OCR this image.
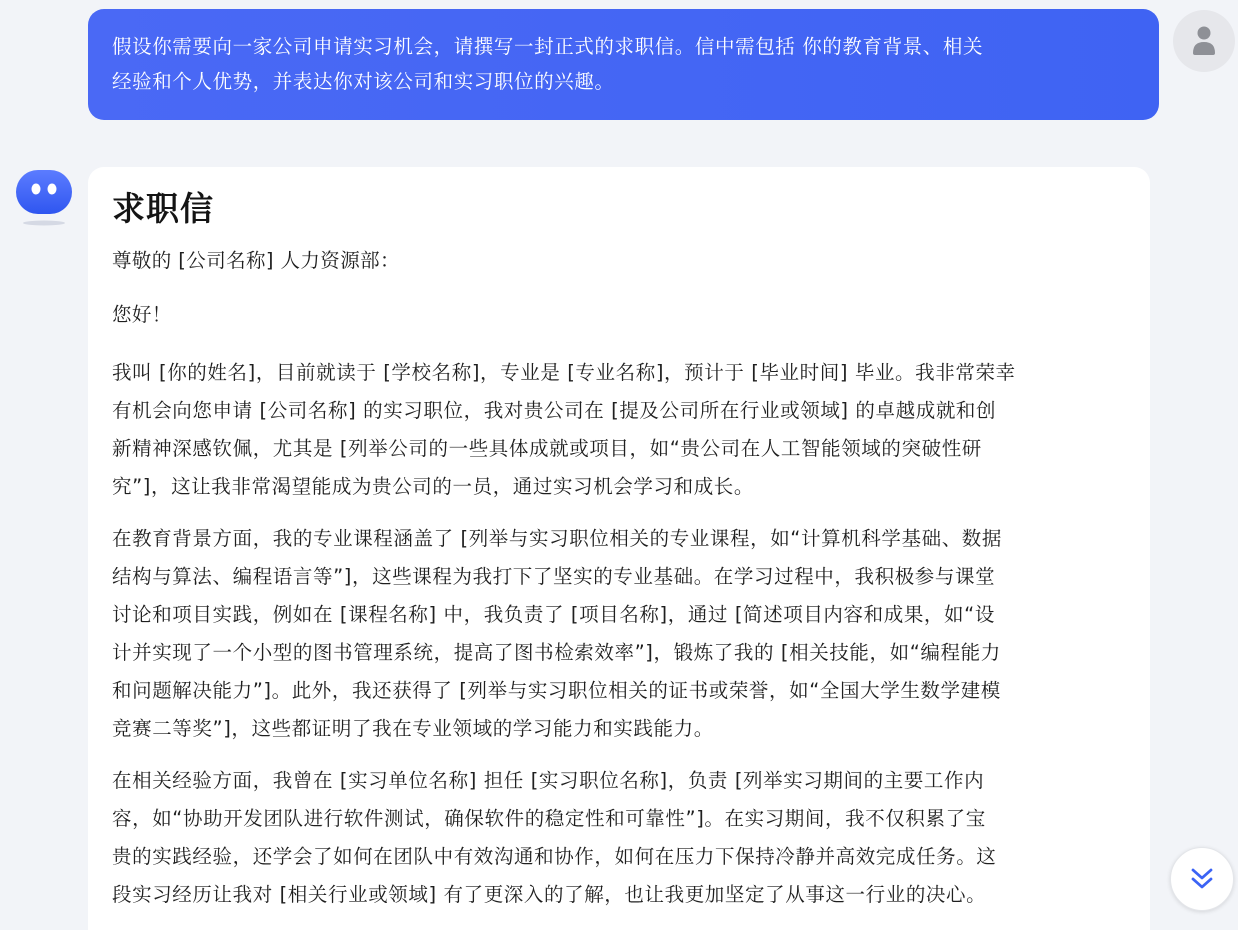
假设你需要向一家公司申请实习机会，请撰写一封正式的求职信。信中需包括 你的教育背景、相关
经验和个人优势，并表达你对该公司和实习职位的兴趣。
求职信

尊敬的 [公司名称] 人力资源部：

您好！

我叫 [你的姓名]，目前就读于 [学校名称]，专业是 [专业名称]，预计于 [毕业时间] 毕业。我非常荣幸
有机会向您申请 [公司名称] 的实习职位，我对贵公司在 [提及公司所在行业或领域] 的卓越成就和创
新精神深感钦佩，尤其是 [列举公司的一些具体成就或项目，如“贵公司在人工智能领域的突破性研
究”]，这让我非常渴望能成为贵公司的一员，通过实习机会学习和成长。
在教育背景方面，我的专业课程涵盖了 [列举与实习职位相关的专业课程，如“计算机科学基础、数据
结构与算法、编程语言等”]，这些课程为我打下了坚实的专业基础。在学习过程中，我积极参与课堂
讨论和项目实践，例如在 [课程名称] 中，我负责了 [项目名称]，通过 [简述项目内容和成果，如“设
计并实现了一个小型的图书管理系统，提高了图书检索效率”]，锻炼了我的 [相关技能，如“编程能力
和问题解决能力”]。此外，我还获得了 [列举与实习职位相关的证书或荣誉，如“全国大学生数学建模
竞赛二等奖”]，这些都证明了我在专业领域的学习能力和实践能力。
在相关经验方面，我曾在 [实习单位名称] 担任 [实习职位名称]，负责 [列举实习期间的主要工作内
容，如“协助开发团队进行软件测试，确保软件的稳定性和可靠性”]。在实习期间，我不仅积累了宝
贵的实践经验，还学会了如何在团队中有效沟通和协作，如何在压力下保持冷静并高效完成任务。这
段实习经历让我对 [相关行业或领域] 有了更深入的了解，也让我更加坚定了从事这一行业的决心。
